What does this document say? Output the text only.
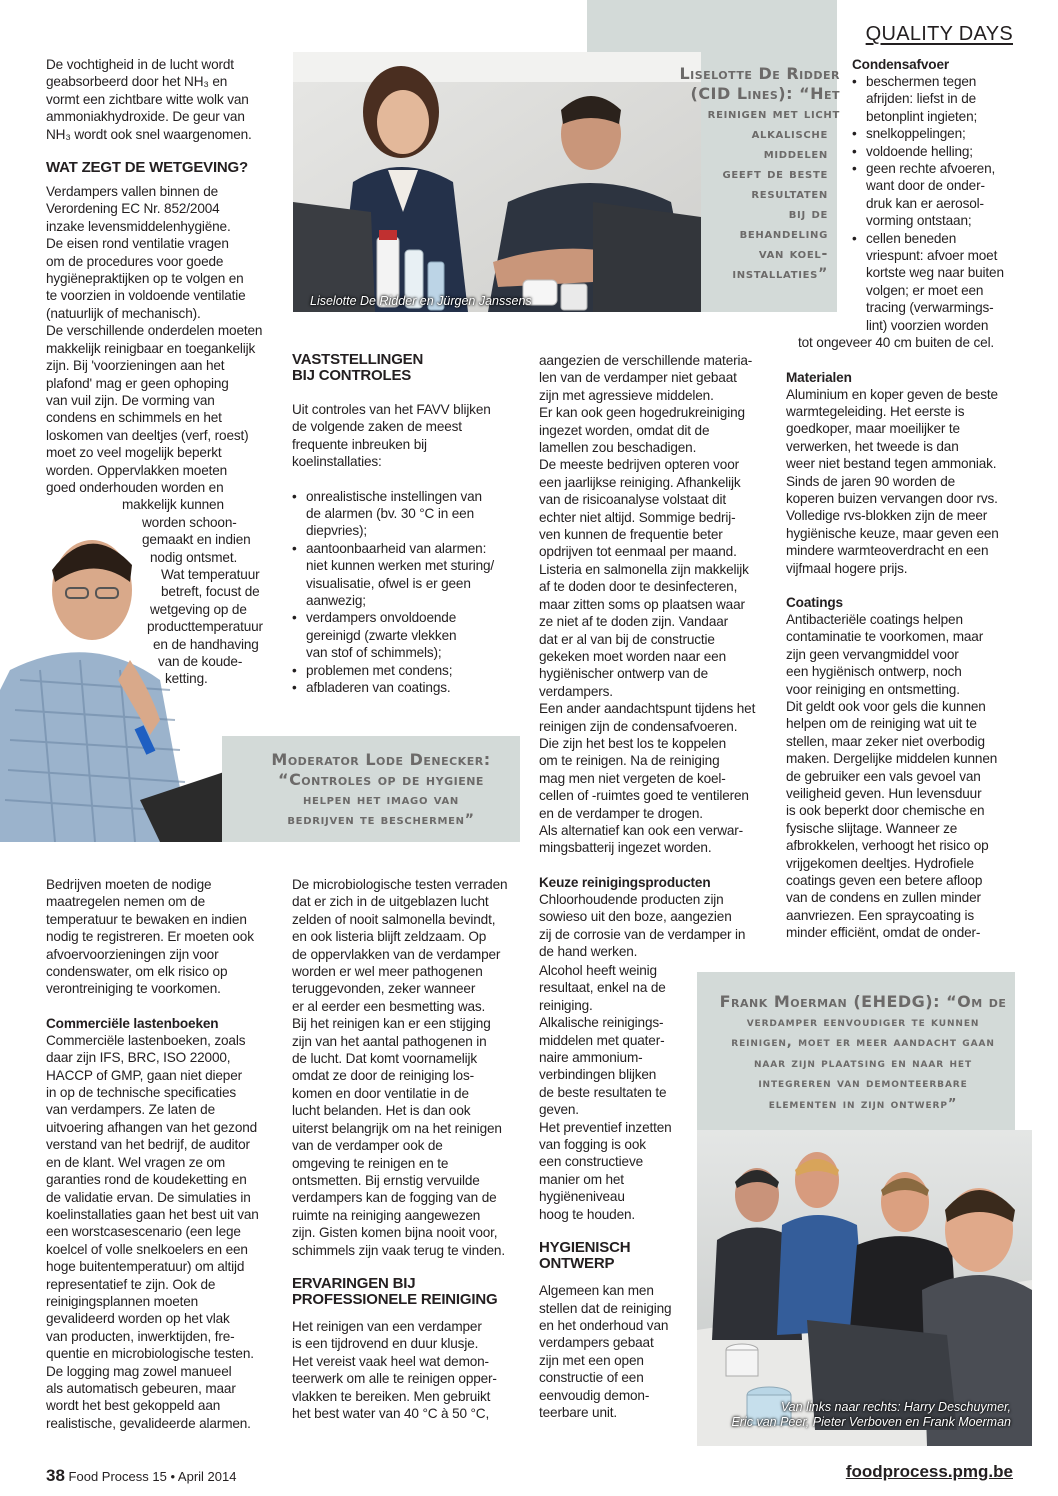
QUALITY DAYS
Liselotte De Ridder en Jürgen Janssens
Liselotte De Ridder
(CID Lines): “Het
reinigen met licht
alkalische
middelen
geeft de beste
resultaten
bij de
behandeling
van koel-
installaties”

De vochtigheid in de lucht wordt

geabsorbeerd door het NH₃ en

vormt een zichtbare witte wolk van

ammoniakhydroxide. De geur van

NH₃ wordt ook snel waargenomen.

WAT ZEGT DE WETGEVING?

Verdampers vallen binnen de

Verordening EC Nr. 852/2004

inzake levensmiddelenhygiëne.

De eisen rond ventilatie vragen

om de procedures voor goede

hygiënepraktijken op te volgen en

te voorzien in voldoende ventilatie

(natuurlijk of mechanisch).

De verschillende onderdelen moeten

makkelijk reinigbaar en toegankelijk

zijn. Bij 'voorzieningen aan het

plafond' mag er geen ophoping

van vuil zijn. De vorming van

condens en schimmels en het

loskomen van deeltjes (verf, roest)

moet zo veel mogelijk beperkt

worden. Oppervlakken moeten

goed onderhouden worden en

makkelijk kunnen

worden schoon-

gemaakt en indien

nodig ontsmet.

Wat temperatuur

betreft, focust de

wetgeving op de

producttemperatuur

en de handhaving

van de koude-

ketting.

VASTSTELLINGEN
BIJ CONTROLES

Uit controles van het FAVV blijken

de volgende zaken de meest

frequente inbreuken bij

koelinstallaties:

• onrealistische instellingen van
de alarmen (bv. 30 °C in een
diepvries);
• aantoonbaarheid van alarmen:
niet kunnen werken met sturing/
visualisatie, ofwel is er geen
aanwezig;
• verdampers onvoldoende
gereinigd (zwarte vlekken
van stof of schimmels);
• problemen met condens;
• afbladeren van coatings.
Moderator Lode Denecker:
“Controles op de hygiene
helpen het imago van
bedrijven te beschermen”

aangezien de verschillende materia-

len van de verdamper niet gebaat

zijn met agressieve middelen.

Er kan ook geen hogedrukreiniging

ingezet worden, omdat dit de

lamellen zou beschadigen.

De meeste bedrijven opteren voor

een jaarlijkse reiniging. Afhankelijk

van de risicoanalyse volstaat dit

echter niet altijd. Sommige bedrij-

ven kunnen de frequentie beter

opdrijven tot eenmaal per maand.

Listeria en salmonella zijn makkelijk

af te doden door te desinfecteren,

maar zitten soms op plaatsen waar

ze niet af te doden zijn. Vandaar

dat er al van bij de constructie

gekeken moet worden naar een

hygiënischer ontwerp van de

verdampers.

Een ander aandachtspunt tijdens het

reinigen zijn de condensafvoeren.

Die zijn het best los te koppelen

om te reinigen. Na de reiniging

mag men niet vergeten de koel-

cellen of -ruimtes goed te ventileren

en de verdamper te drogen.

Als alternatief kan ook een verwar-

mingsbatterij ingezet worden.

Keuze reinigingsproducten

Chloorhoudende producten zijn

sowieso uit den boze, aangezien

zij de corrosie van de verdamper in

de hand werken.

Condensafvoer
• beschermen tegen
afrijden: liefst in de
betonplint ingieten;
• snelkoppelingen;
• voldoende helling;
• geen rechte afvoeren,
want door de onder-
druk kan er aerosol-
vorming ontstaan;
• cellen beneden
vriespunt: afvoer moet
kortste weg naar buiten
volgen; er moet een
tracing (verwarmings-
lint) voorzien worden

tot ongeveer 40 cm buiten de cel.

Materialen

Aluminium en koper geven de beste

warmtegeleiding. Het eerste is

goedkoper, maar moeilijker te

verwerken, het tweede is dan

weer niet bestand tegen ammoniak.

Sinds de jaren 90 worden de

koperen buizen vervangen door rvs.

Volledige rvs-blokken zijn de meer

hygiënische keuze, maar geven een

mindere warmteoverdracht en een

vijfmaal hogere prijs.

Coatings

Antibacteriële coatings helpen

contaminatie te voorkomen, maar

zijn geen vervangmiddel voor

een hygiënisch ontwerp, noch

voor reiniging en ontsmetting.

Dit geldt ook voor gels die kunnen

helpen om de reiniging wat uit te

stellen, maar zeker niet overbodig

maken. Dergelijke middelen kunnen

de gebruiker een vals gevoel van

veiligheid geven. Hun levensduur

is ook beperkt door chemische en

fysische slijtage. Wanneer ze

afbrokkelen, verhoogt het risico op

vrijgekomen deeltjes. Hydrofiele

coatings geven een betere afloop

van de condens en zullen minder

aanvriezen. Een spraycoating is

minder efficiënt, omdat de onder-

Bedrijven moeten de nodige

maatregelen nemen om de

temperatuur te bewaken en indien

nodig te registreren. Er moeten ook

afvoervoorzieningen zijn voor

condenswater, om elk risico op

verontreiniging te voorkomen.

Commerciële lastenboeken

Commerciële lastenboeken, zoals

daar zijn IFS, BRC, ISO 22000,

HACCP of GMP, gaan niet dieper

in op de technische specificaties

van verdampers. Ze laten de

uitvoering afhangen van het gezond

verstand van het bedrijf, de auditor

en de klant. Wel vragen ze om

garanties rond de koudeketting en

de validatie ervan. De simulaties in

koelinstallaties gaan het best uit van

een worstcasescenario (een lege

koelcel of volle snelkoelers en een

hoge buitentemperatuur) om altijd

representatief te zijn. Ook de

reinigingsplannen moeten

gevalideerd worden op het vlak

van producten, inwerktijden, fre-

quentie en microbiologische testen.

De logging mag zowel manueel

als automatisch gebeuren, maar

wordt het best gekoppeld aan

realistische, gevalideerde alarmen.

De microbiologische testen verraden

dat er zich in de uitgeblazen lucht

zelden of nooit salmonella bevindt,

en ook listeria blijft zeldzaam. Op

de oppervlakken van de verdamper

worden er wel meer pathogenen

teruggevonden, zeker wanneer

er al eerder een besmetting was.

Bij het reinigen kan er een stijging

zijn van het aantal pathogenen in

de lucht. Dat komt voornamelijk

omdat ze door de reiniging los-

komen en door ventilatie in de

lucht belanden. Het is dan ook

uiterst belangrijk om na het reinigen

van de verdamper ook de

omgeving te reinigen en te

ontsmetten. Bij ernstig vervuilde

verdampers kan de fogging van de

ruimte na reiniging aangewezen

zijn. Gisten komen bijna nooit voor,

schimmels zijn vaak terug te vinden.

ERVARINGEN BIJ
PROFESSIONELE REINIGING

Het reinigen van een verdamper

is een tijdrovend en duur klusje.

Het vereist vaak heel wat demon-

teerwerk om alle te reinigen opper-

vlakken te bereiken. Men gebruikt

het best water van 40 °C à 50 °C,

Alcohol heeft weinig

resultaat, enkel na de

reiniging.

Alkalische reinigings-

middelen met quater-

naire ammonium-

verbindingen blijken

de beste resultaten te

geven.

Het preventief inzetten

van fogging is ook

een constructieve

manier om het

hygiëneniveau

hoog te houden.

HYGIENISCH
ONTWERP

Algemeen kan men

stellen dat de reiniging

en het onderhoud van

verdampers gebaat

zijn met een open

constructie of een

eenvoudig demon-

teerbare unit.

Frank Moerman (EHEDG): “Om de
verdamper eenvoudiger te kunnen
reinigen, moet er meer aandacht gaan
naar zijn plaatsing en naar het
integreren van demonteerbare
elementen in zijn ontwerp”
Van links naar rechts: Harry Deschuymer,
Eric van Peer, Pieter Verboven en Frank Moerman
38 Food Process 15 • April 2014	foodprocess.pmg.be
